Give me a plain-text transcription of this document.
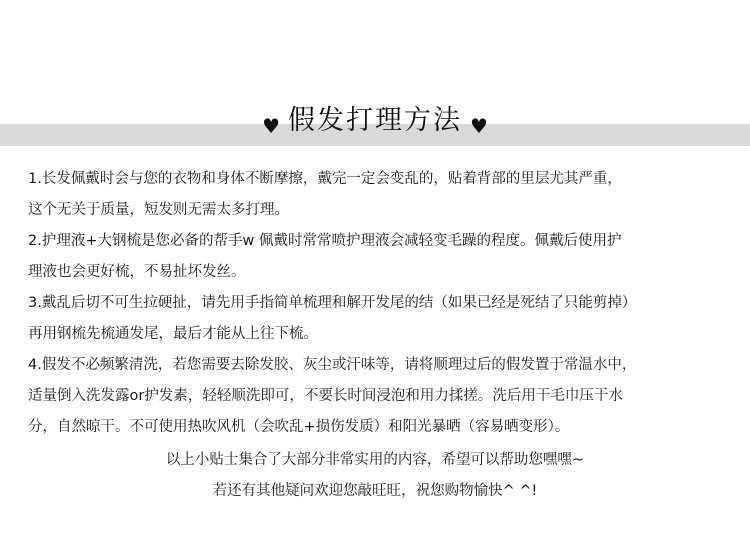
♥ 假发打理方法 ♥
1.长发佩戴时会与您的衣物和身体不断摩擦，戴完一定会变乱的，贴着背部的里层尤其严重，
这个无关于质量，短发则无需太多打理。
2.护理液+大钢梳是您必备的帮手w 佩戴时常常喷护理液会减轻变毛躁的程度。佩戴后使用护
理液也会更好梳，不易扯坏发丝。
3.戴乱后切不可生拉硬扯，请先用手指简单梳理和解开发尾的结（如果已经是死结了只能剪掉）
再用钢梳先梳通发尾，最后才能从上往下梳。
4.假发不必频繁清洗，若您需要去除发胶、灰尘或汗味等，请将顺理过后的假发置于常温水中，
适量倒入洗发露or护发素，轻轻顺洗即可，不要长时间浸泡和用力揉搓。洗后用干毛巾压干水
分，自然晾干。不可使用热吹风机（会吹乱+损伤发质）和阳光暴晒（容易晒变形）。
以上小贴士集合了大部分非常实用的内容，希望可以帮助您嘿嘿~
若还有其他疑问欢迎您敲旺旺，祝您购物愉快^ ^!
